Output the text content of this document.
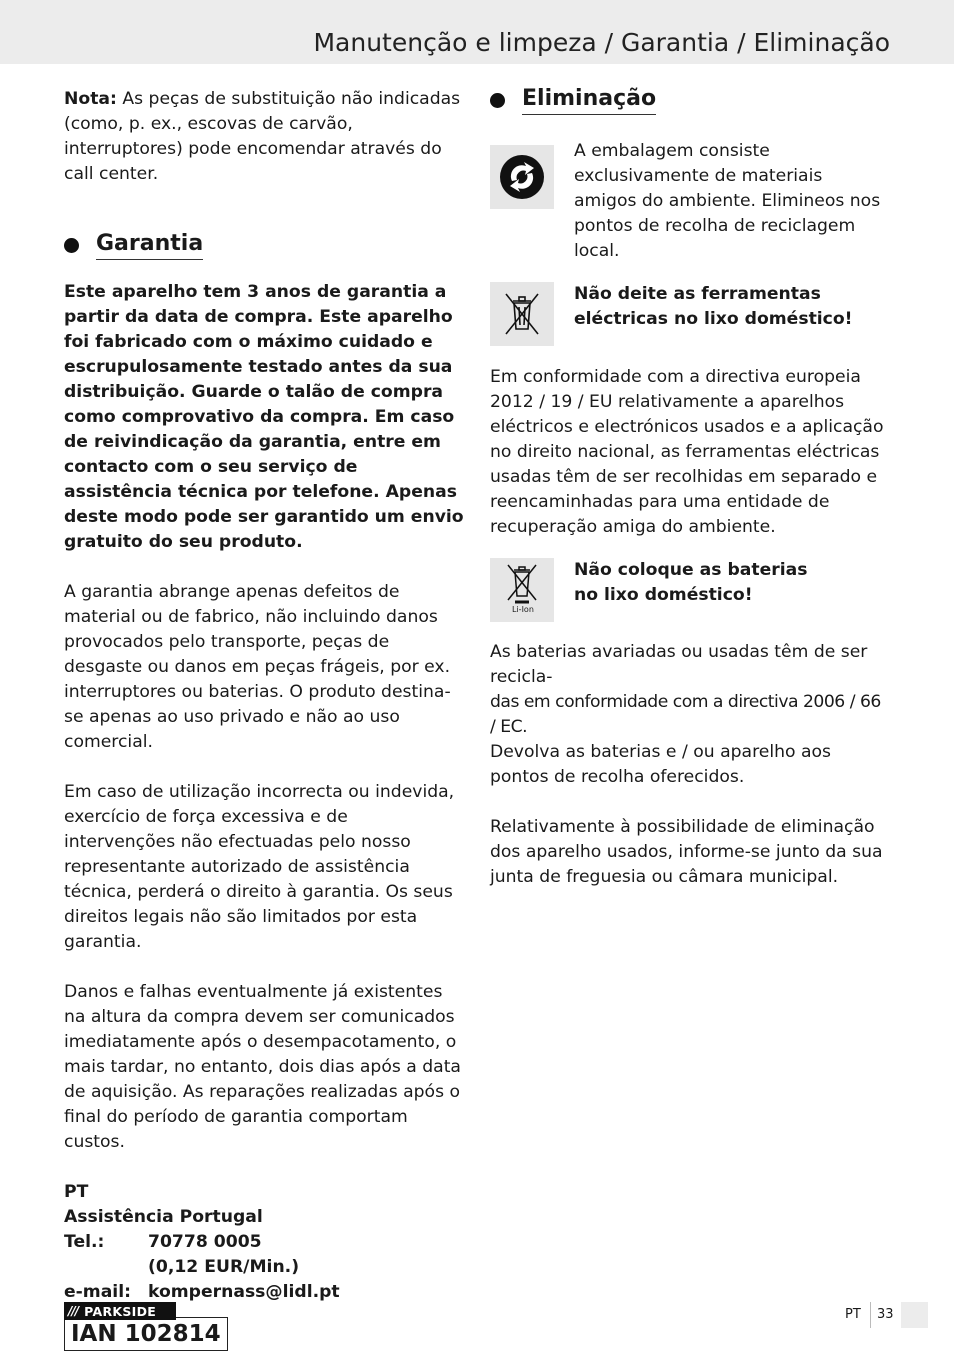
Manutenção e limpeza / Garantia / Eliminação

Nota: As peças de substituição não indicadas (como, p. ex., escovas de carvão, interruptores) pode encomendar através do call center.

Garantia

Este aparelho tem 3 anos de garantia a partir da data de compra. Este aparelho foi fabricado com o máximo cuidado e escrupulosamente testado antes da sua distribuição. Guarde o talão de compra como comprovativo da compra. Em caso de reivindicação da garantia, entre em contacto com o seu serviço de assistência técnica por telefone. Apenas deste modo pode ser garantido um envio gratuito do seu produto.

A garantia abrange apenas defeitos de material ou de fabrico, não incluindo danos provocados pelo transporte, peças de desgaste ou danos em peças frágeis, por ex. interruptores ou baterias. O produto destina-se apenas ao uso privado e não ao uso comercial.

Em caso de utilização incorrecta ou indevida, exercício de força excessiva e de intervenções não efectuadas pelo nosso representante autorizado de assistência técnica, perderá o direito à garantia. Os seus direitos legais não são limitados por esta garantia.

Danos e falhas eventualmente já existentes na altura da compra devem ser comunicados imediatamente após o desempacotamento, o mais tardar, no entanto, dois dias após a data de aquisição. As reparações realizadas após o final do período de garantia comportam custos.

PT
Assistência Portugal
Tel.:	70778 0005
(0,12 EUR/Min.)
e-mail: kompernass@lidl.pt
IAN 102814
Eliminação

A embalagem consiste exclusivamente de materiais amigos do ambiente. Elimineos nos pontos de recolha de reciclagem local.

Não deite as ferramentas eléctricas no lixo doméstico!

Em conformidade com a directiva europeia 2012 / 19 / EU relativamente a aparelhos eléctricos e electrónicos usados e a aplicação no direito nacional, as ferramentas eléctricas usadas têm de ser recolhidas em separado e reencaminhadas para uma entidade de recuperação amiga do ambiente.

Li-Ion
Não coloque as baterias
no lixo doméstico!
As baterias avariadas ou usadas têm de ser recicla-
das em conformidade com a directiva 2006 / 66 / EC.
Devolva as baterias e / ou aparelho aos pontos de recolha oferecidos.

Relativamente à possibilidade de eliminação dos aparelho usados, informe-se junto da sua junta de freguesia ou câmara municipal.

/// PARKSIDE	PT 33
